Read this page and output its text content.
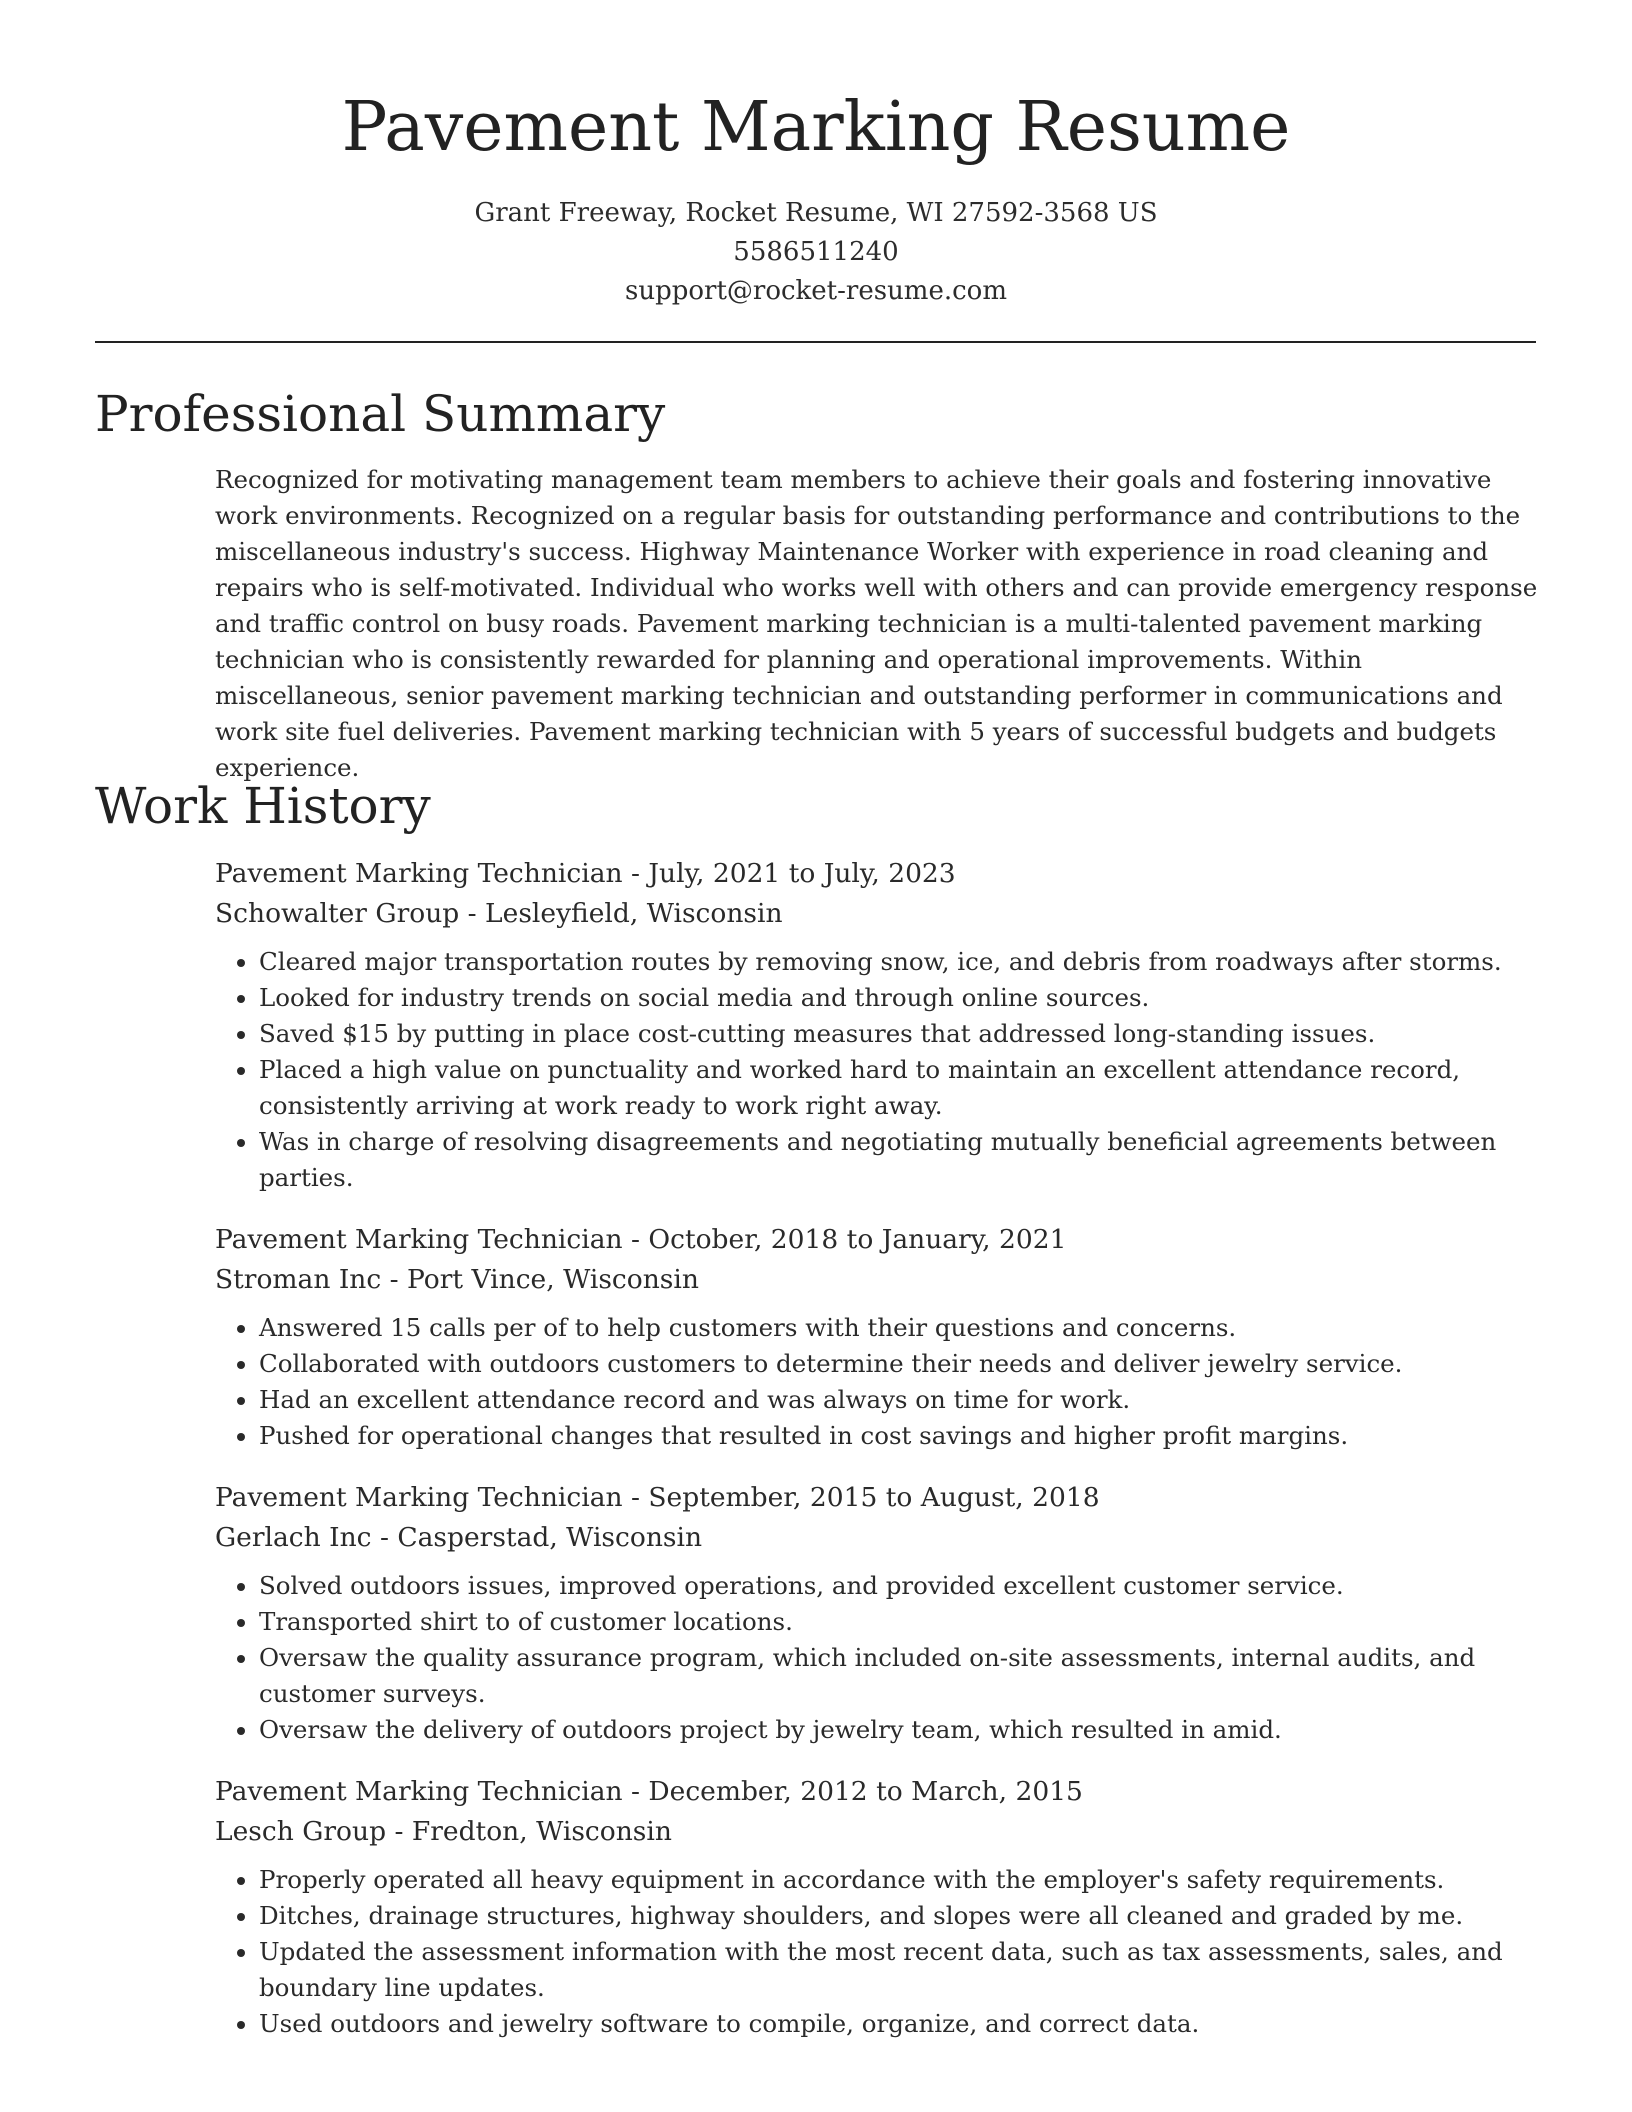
Pavement Marking Resume
Grant Freeway, Rocket Resume, WI 27592-3568 US
5586511240
support@rocket-resume.com
Professional Summary

Recognized for motivating management team members to achieve their goals and fostering innovative work environments. Recognized on a regular basis for outstanding performance and contributions to the miscellaneous industry's success. Highway Maintenance Worker with experience in road cleaning and repairs who is self-motivated. Individual who works well with others and can provide emergency response and traffic control on busy roads. Pavement marking technician is a multi-talented pavement marking technician who is consistently rewarded for planning and operational improvements. Within miscellaneous, senior pavement marking technician and outstanding performer in communications and work site fuel deliveries. Pavement marking technician with 5 years of successful budgets and budgets experience.

Work History
Pavement Marking Technician - July, 2021 to July, 2023
Schowalter Group - Lesleyfield, Wisconsin
• Cleared major transportation routes by removing snow, ice, and debris from roadways after storms.
• Looked for industry trends on social media and through online sources.
• Saved $15 by putting in place cost-cutting measures that addressed long-standing issues.
• Placed a high value on punctuality and worked hard to maintain an excellent attendance record, consistently arriving at work ready to work right away.
• Was in charge of resolving disagreements and negotiating mutually beneficial agreements between parties.
Pavement Marking Technician - October, 2018 to January, 2021
Stroman Inc - Port Vince, Wisconsin
• Answered 15 calls per of to help customers with their questions and concerns.
• Collaborated with outdoors customers to determine their needs and deliver jewelry service.
• Had an excellent attendance record and was always on time for work.
• Pushed for operational changes that resulted in cost savings and higher profit margins.
Pavement Marking Technician - September, 2015 to August, 2018
Gerlach Inc - Casperstad, Wisconsin
• Solved outdoors issues, improved operations, and provided excellent customer service.
• Transported shirt to of customer locations.
• Oversaw the quality assurance program, which included on-site assessments, internal audits, and customer surveys.
• Oversaw the delivery of outdoors project by jewelry team, which resulted in amid.
Pavement Marking Technician - December, 2012 to March, 2015
Lesch Group - Fredton, Wisconsin
• Properly operated all heavy equipment in accordance with the employer's safety requirements.
• Ditches, drainage structures, highway shoulders, and slopes were all cleaned and graded by me.
• Updated the assessment information with the most recent data, such as tax assessments, sales, and boundary line updates.
• Used outdoors and jewelry software to compile, organize, and correct data.
